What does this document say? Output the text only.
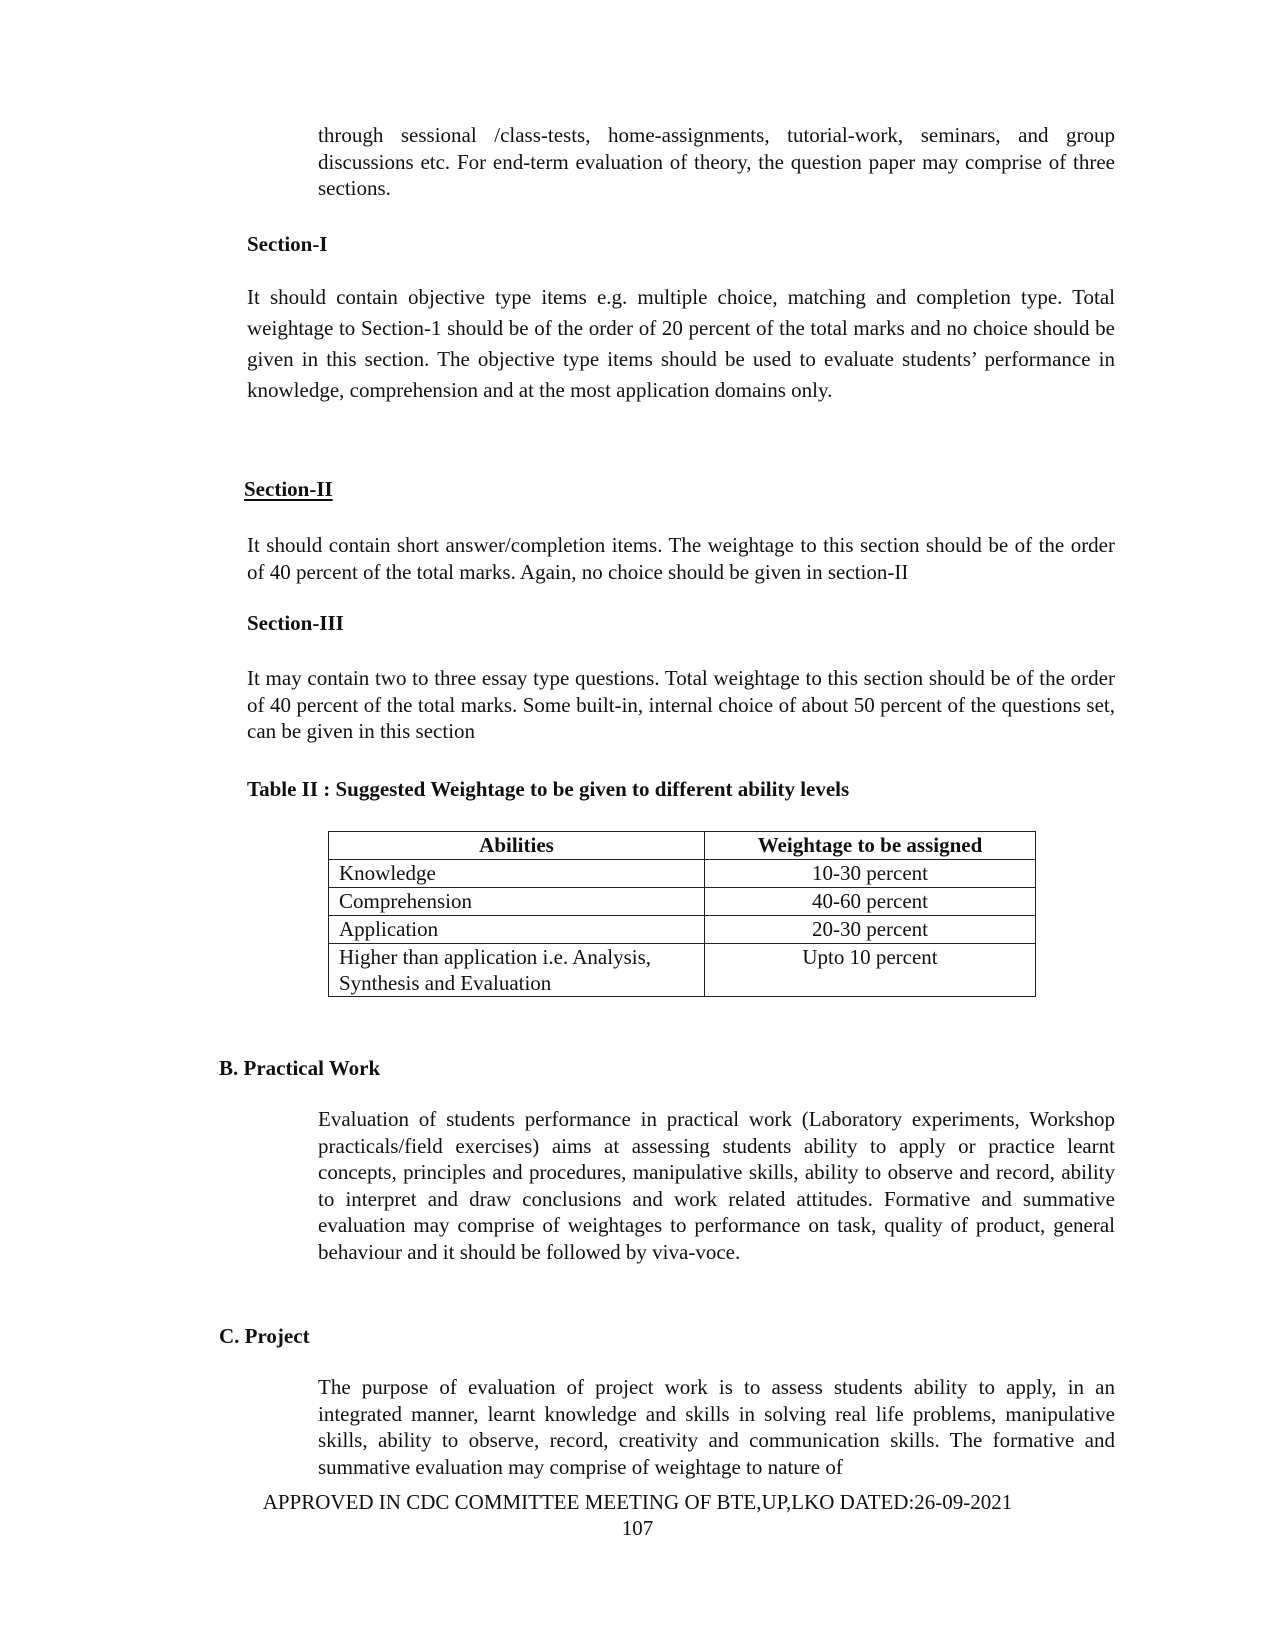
through sessional /class-tests, home-assignments, tutorial-work, seminars, and group discussions etc. For end-term evaluation of theory, the question paper may comprise of three sections.

Section-I

It should contain objective type items e.g. multiple choice, matching and completion type. Total weightage to Section-1 should be of the order of 20 percent of the total marks and no choice should be given in this section. The objective type items should be used to evaluate students’ performance in knowledge, comprehension and at the most application domains only.

Section-II

It should contain short answer/completion items. The weightage to this section should be of the order of 40 percent of the total marks. Again, no choice should be given in section-II

Section-III

It may contain two to three essay type questions. Total weightage to this section should be of the order of 40 percent of the total marks. Some built-in, internal choice of about 50 percent of the questions set, can be given in this section

Table II : Suggested Weightage to be given to different ability levels
Abilities	Weightage to be assigned
Knowledge	10-30 percent
Comprehension	40-60 percent
Application	20-30 percent
Higher than application i.e. Analysis, Synthesis and Evaluation	Upto 10 percent
B. Practical Work

Evaluation of students performance in practical work (Laboratory experiments, Workshop practicals/field exercises) aims at assessing students ability to apply or practice learnt concepts, principles and procedures, manipulative skills, ability to observe and record, ability to interpret and draw conclusions and work related attitudes. Formative and summative evaluation may comprise of weightages to performance on task, quality of product, general behaviour and it should be followed by viva-voce.

C. Project

The purpose of evaluation of project work is to assess students ability to apply, in an integrated manner, learnt knowledge and skills in solving real life problems, manipulative skills, ability to observe, record, creativity and communication skills. The formative and summative evaluation may comprise of weightage to nature of

APPROVED IN CDC COMMITTEE MEETING OF BTE,UP,LKO DATED:26-09-2021
107
